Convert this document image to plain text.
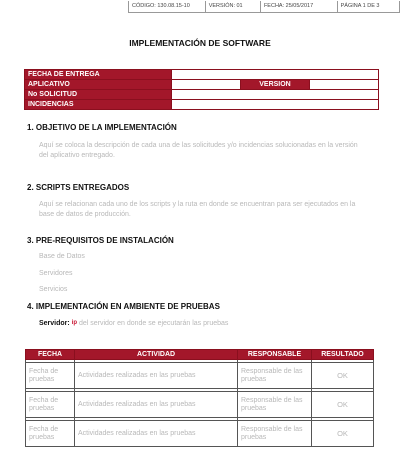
CÓDIGO: 130.08.15-10	VERSIÓN: 01	FECHA: 25/05/2017	PÁGINA 1 DE 3
IMPLEMENTACIÓN DE SOFTWARE
FECHA DE ENTREGA			
APLICATIVO		VERSION	
No SOLICITUD			
INCIDENCIAS			
1. OBJETIVO DE LA IMPLEMENTACIÓN
Aquí se coloca la descripción de cada una de las solicitudes y/o incidencias solucionadas en la versión del aplicativo entregado.
2. SCRIPTS ENTREGADOS
Aquí se relacionan cada uno de los scripts y la ruta en donde se encuentran para ser ejecutados en la base de datos de producción.
3. PRE-REQUISITOS DE INSTALACIÓN
Base de Datos
Servidores
Servicios
4. IMPLEMENTACIÓN EN AMBIENTE DE PRUEBAS
Servidor: ip del servidor en donde se ejecutarán las pruebas
FECHA	ACTIVIDAD	RESPONSABLE	RESULTADO

Fecha de pruebas	Actividades realizadas en las pruebas	Responsable de las pruebas	OK

Fecha de pruebas	Actividades realizadas en las pruebas	Responsable de las pruebas	OK

Fecha de pruebas	Actividades realizadas en las pruebas	Responsable de las pruebas	OK
